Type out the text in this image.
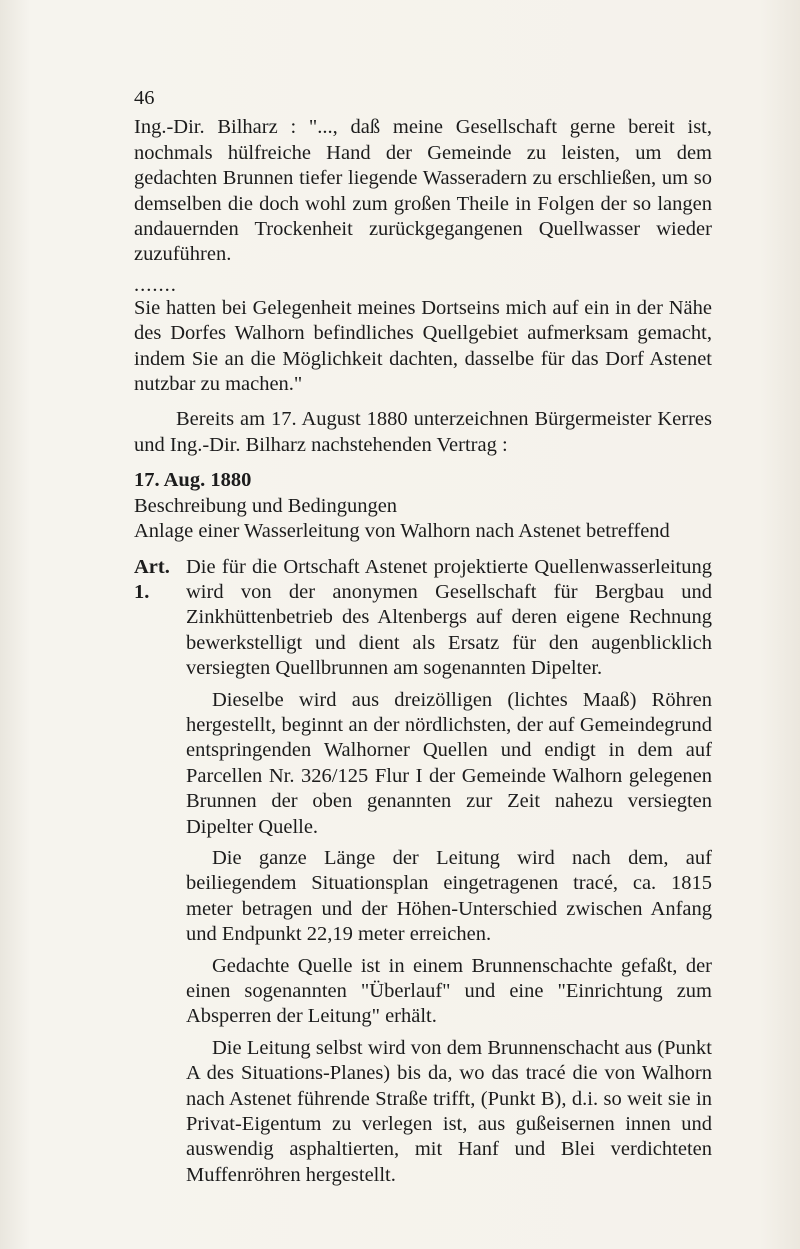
46

Ing.-Dir. Bilharz : "..., daß meine Gesellschaft gerne bereit ist, nochmals hülfreiche Hand der Gemeinde zu leisten, um dem gedachten Brunnen tiefer liegende Wasseradern zu erschließen, um so demselben die doch wohl zum großen Theile in Folgen der so langen andauernden Trockenheit zurückgegangenen Quellwasser wieder zuzuführen.

.......

Sie hatten bei Gelegenheit meines Dortseins mich auf ein in der Nähe des Dorfes Walhorn befindliches Quellgebiet aufmerksam gemacht, indem Sie an die Möglichkeit dachten, dasselbe für das Dorf Astenet nutzbar zu machen."

Bereits am 17. August 1880 unterzeichnen Bürgermeister Kerres und Ing.-Dir. Bilharz nachstehenden Vertrag :

17. Aug. 1880

Beschreibung und Bedingungen

Anlage einer Wasserleitung von Walhorn nach Astenet betreffend

Art. 1.

Die für die Ortschaft Astenet projektierte Quellenwasserleitung wird von der anonymen Gesellschaft für Bergbau und Zinkhüttenbetrieb des Altenbergs auf deren eigene Rechnung bewerkstelligt und dient als Ersatz für den augenblicklich versiegten Quellbrunnen am sogenannten Dipelter.

Dieselbe wird aus dreizölligen (lichtes Maaß) Röhren hergestellt, beginnt an der nördlichsten, der auf Gemeindegrund entspringenden Walhorner Quellen und endigt in dem auf Parcellen Nr. 326/125 Flur I der Gemeinde Walhorn gelegenen Brunnen der oben genannten zur Zeit nahezu versiegten Dipelter Quelle.

Die ganze Länge der Leitung wird nach dem, auf beiliegendem Situationsplan eingetragenen tracé, ca. 1815 meter betragen und der Höhen-Unterschied zwischen Anfang und Endpunkt 22,19 meter erreichen.

Gedachte Quelle ist in einem Brunnenschachte gefaßt, der einen sogenannten "Überlauf" und eine "Einrichtung zum Absperren der Leitung" erhält.

Die Leitung selbst wird von dem Brunnenschacht aus (Punkt A des Situations-Planes) bis da, wo das tracé die von Walhorn nach Astenet führende Straße trifft, (Punkt B), d.i. so weit sie in Privat-Eigentum zu verlegen ist, aus gußeisernen innen und auswendig asphaltierten, mit Hanf und Blei verdichteten Muffenröhren hergestellt.
